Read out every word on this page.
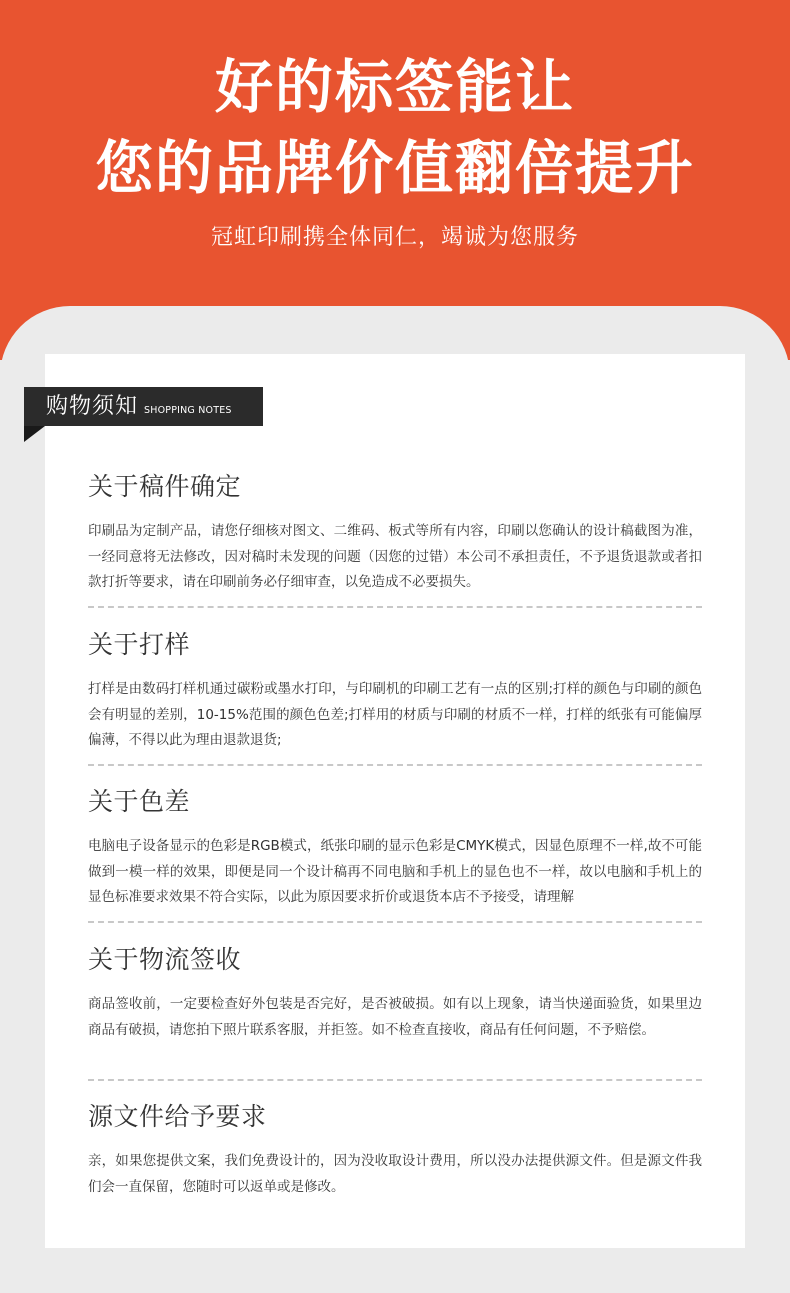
好的标签能让
您的品牌价值翻倍提升
冠虹印刷携全体同仁，竭诚为您服务
购物须知 SHOPPING NOTES
关于稿件确定
印刷品为定制产品，请您仔细核对图文、二维码、板式等所有内容，印刷以您确认的设计稿截图为准，一经同意将无法修改，因对稿时未发现的问题（因您的过错）本公司不承担责任，不予退货退款或者扣款打折等要求，请在印刷前务必仔细审查，以免造成不必要损失。
关于打样
打样是由数码打样机通过碳粉或墨水打印，与印刷机的印刷工艺有一点的区别;打样的颜色与印刷的颜色会有明显的差别，10-15%范围的颜色色差;打样用的材质与印刷的材质不一样，打样的纸张有可能偏厚偏薄，不得以此为理由退款退货;
关于色差
电脑电子设备显示的色彩是RGB模式，纸张印刷的显示色彩是CMYK模式，因显色原理不一样,故不可能做到一模一样的效果，即便是同一个设计稿再不同电脑和手机上的显色也不一样，故以电脑和手机上的显色标准要求效果不符合实际，以此为原因要求折价或退货本店不予接受，请理解
关于物流签收
商品签收前，一定要检查好外包装是否完好，是否被破损。如有以上现象，请当快递面验货，如果里边商品有破损，请您拍下照片联系客服，并拒签。如不检查直接收，商品有任何问题，不予赔偿。
源文件给予要求
亲，如果您提供文案，我们免费设计的，因为没收取设计费用，所以没办法提供源文件。但是源文件我们会一直保留，您随时可以返单或是修改。
